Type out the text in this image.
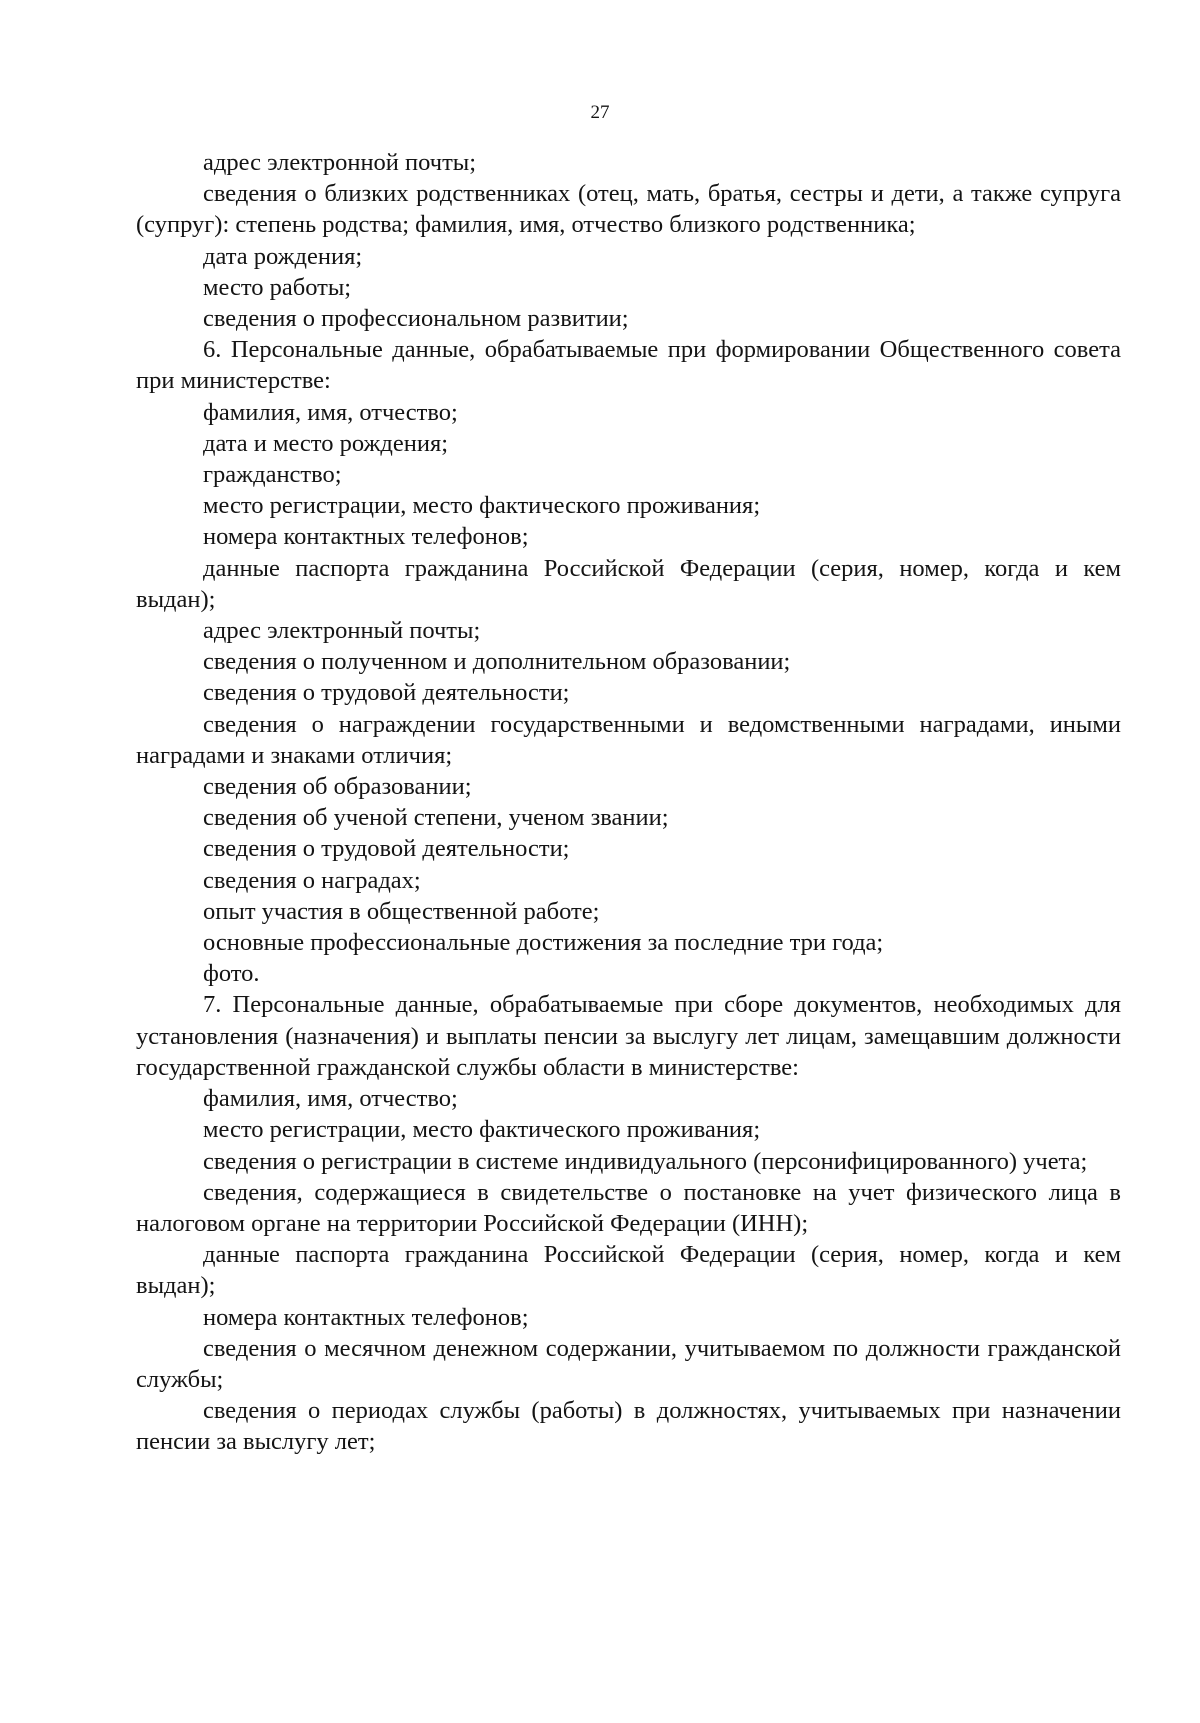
27

адрес электронной почты;

сведения о близких родственниках (отец, мать, братья, сестры и дети, а также супруга (супруг): степень родства; фамилия, имя, отчество близкого родственника;

дата рождения;

место работы;

сведения о профессиональном развитии;

6. Персональные данные, обрабатываемые при формировании Общественного совета при министерстве:

фамилия, имя, отчество;

дата и место рождения;

гражданство;

место регистрации, место фактического проживания;

номера контактных телефонов;

данные паспорта гражданина Российской Федерации (серия, номер, когда и кем выдан);

адрес электронный почты;

сведения о полученном и дополнительном образовании;

сведения о трудовой деятельности;

сведения о награждении государственными и ведомственными наградами, иными наградами и знаками отличия;

сведения об образовании;

сведения об ученой степени, ученом звании;

сведения о трудовой деятельности;

сведения о наградах;

опыт участия в общественной работе;

основные профессиональные достижения за последние три года;

фото.

7. Персональные данные, обрабатываемые при сборе документов, необходимых для установления (назначения) и выплаты пенсии за выслугу лет лицам, замещавшим должности государственной гражданской службы области в министерстве:

фамилия, имя, отчество;

место регистрации, место фактического проживания;

сведения о регистрации в системе индивидуального (персонифицированного) учета;

сведения, содержащиеся в свидетельстве о постановке на учет физического лица в налоговом органе на территории Российской Федерации (ИНН);

данные паспорта гражданина Российской Федерации (серия, номер, когда и кем выдан);

номера контактных телефонов;

сведения о месячном денежном содержании, учитываемом по должности гражданской службы;

сведения о периодах службы (работы) в должностях, учитываемых при назначении пенсии за выслугу лет;
